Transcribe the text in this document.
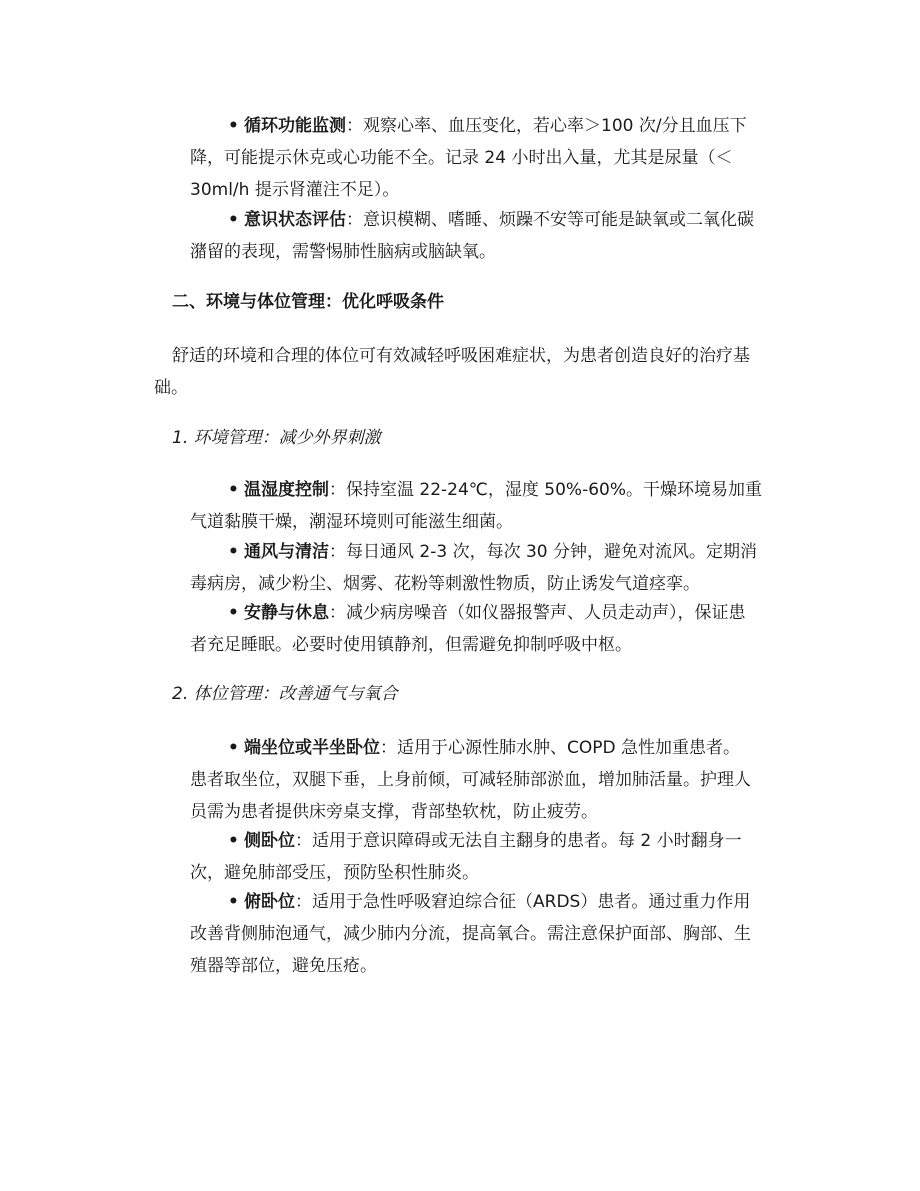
• 循环功能监测：观察心率、血压变化，若心率＞100 次/分且血压下
降，可能提示休克或心功能不全。记录 24 小时出入量，尤其是尿量（＜
30ml/h 提示肾灌注不足）。
• 意识状态评估：意识模糊、嗜睡、烦躁不安等可能是缺氧或二氧化碳
潴留的表现，需警惕肺性脑病或脑缺氧。

二、环境与体位管理：优化呼吸条件

舒适的环境和合理的体位可有效减轻呼吸困难症状，为患者创造良好的治疗基
础。

1. 环境管理：减少外界刺激

• 温湿度控制：保持室温 22-24℃，湿度 50%-60%。干燥环境易加重
气道黏膜干燥，潮湿环境则可能滋生细菌。
• 通风与清洁：每日通风 2-3 次，每次 30 分钟，避免对流风。定期消
毒病房，减少粉尘、烟雾、花粉等刺激性物质，防止诱发气道痉挛。
• 安静与休息：减少病房噪音（如仪器报警声、人员走动声），保证患
者充足睡眠。必要时使用镇静剂，但需避免抑制呼吸中枢。

2. 体位管理：改善通气与氧合

• 端坐位或半坐卧位：适用于心源性肺水肿、COPD 急性加重患者。
患者取坐位，双腿下垂，上身前倾，可减轻肺部淤血，增加肺活量。护理人
员需为患者提供床旁桌支撑，背部垫软枕，防止疲劳。
• 侧卧位：适用于意识障碍或无法自主翻身的患者。每 2 小时翻身一
次，避免肺部受压，预防坠积性肺炎。
• 俯卧位：适用于急性呼吸窘迫综合征（ARDS）患者。通过重力作用
改善背侧肺泡通气，减少肺内分流，提高氧合。需注意保护面部、胸部、生
殖器等部位，避免压疮。
